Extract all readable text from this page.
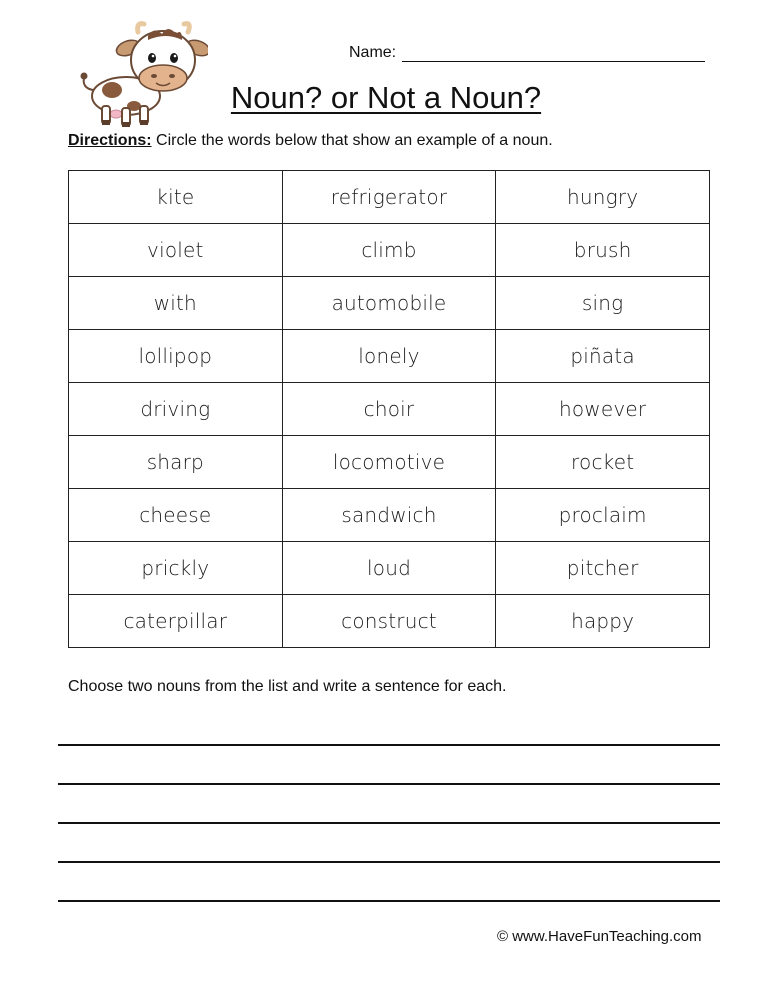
Name:
Noun? or Not a Noun?
Directions: Circle the words below that show an example of a noun.
kite	refrigerator	hungry
violet	climb	brush
with	automobile	sing
lollipop	lonely	piñata
driving	choir	however
sharp	locomotive	rocket
cheese	sandwich	proclaim
prickly	loud	pitcher
caterpillar	construct	happy
Choose two nouns from the list and write a sentence for each.
© www.HaveFunTeaching.com
